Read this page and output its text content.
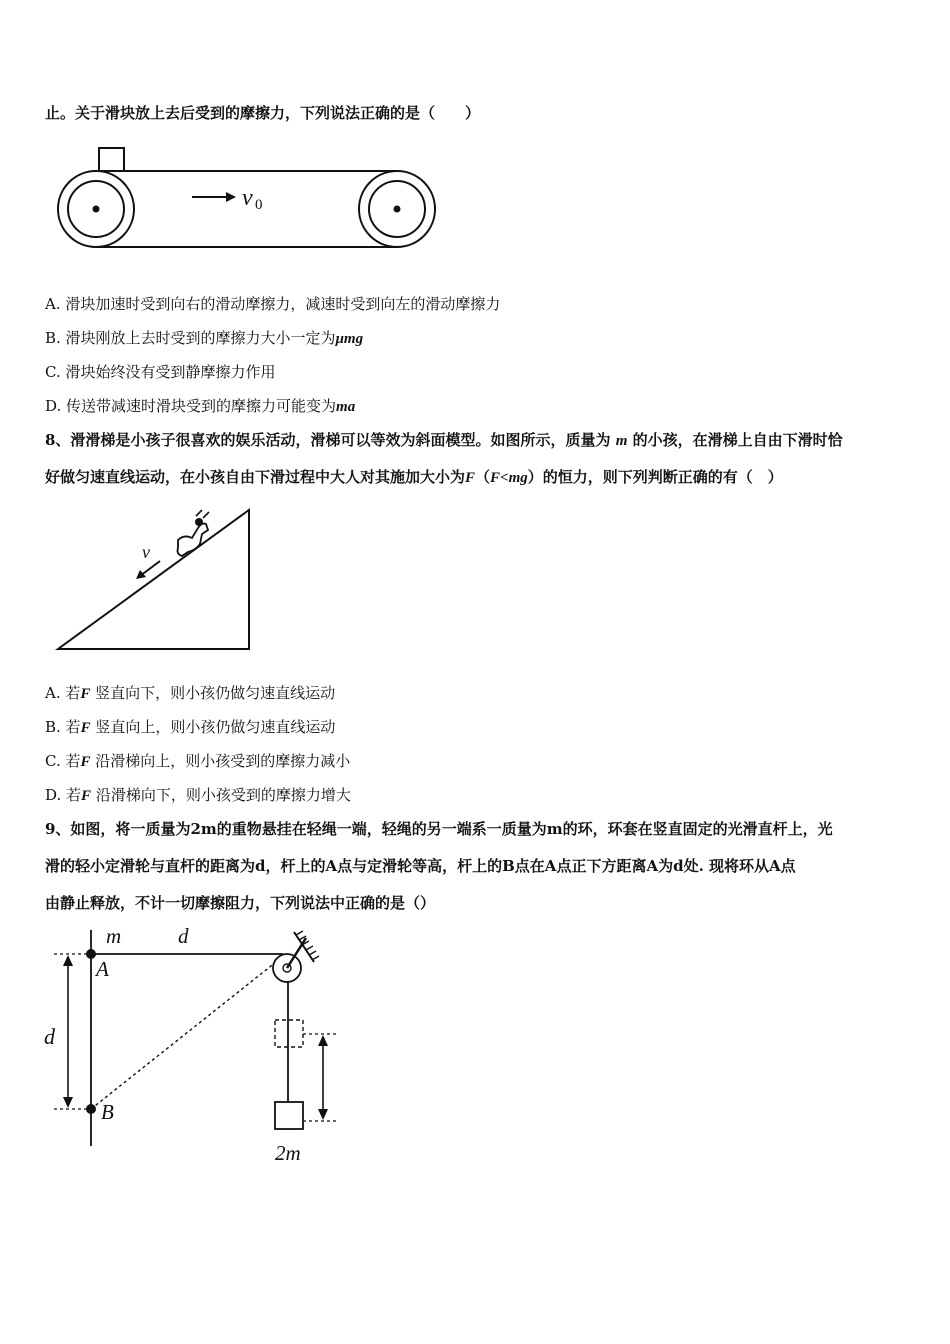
止。关于滑块放上去后受到的摩擦力，下列说法正确的是（　　）
v 0
A. 滑块加速时受到向右的滑动摩擦力，减速时受到向左的滑动摩擦力
B. 滑块刚放上去时受到的摩擦力大小一定为μmg
C. 滑块始终没有受到静摩擦力作用
D. 传送带减速时滑块受到的摩擦力可能变为ma
8、滑滑梯是小孩子很喜欢的娱乐活动，滑梯可以等效为斜面模型。如图所示，质量为 m 的小孩，在滑梯上自由下滑时恰
好做匀速直线运动，在小孩自由下滑过程中大人对其施加大小为F（F<mg）的恒力，则下列判断正确的有（　）
v
A. 若F 竖直向下，则小孩仍做匀速直线运动
B. 若F 竖直向上，则小孩仍做匀速直线运动
C. 若F 沿滑梯向上，则小孩受到的摩擦力减小
D. 若F 沿滑梯向下，则小孩受到的摩擦力增大
9、如图，将一质量为2m的重物悬挂在轻绳一端，轻绳的另一端系一质量为m的环，环套在竖直固定的光滑直杆上，光
滑的轻小定滑轮与直杆的距离为d，杆上的A点与定滑轮等高，杆上的B点在A点正下方距离A为d处. 现将环从A点
由静止释放，不计一切摩擦阻力，下列说法中正确的是（）
m	d
A
d
B
2m
